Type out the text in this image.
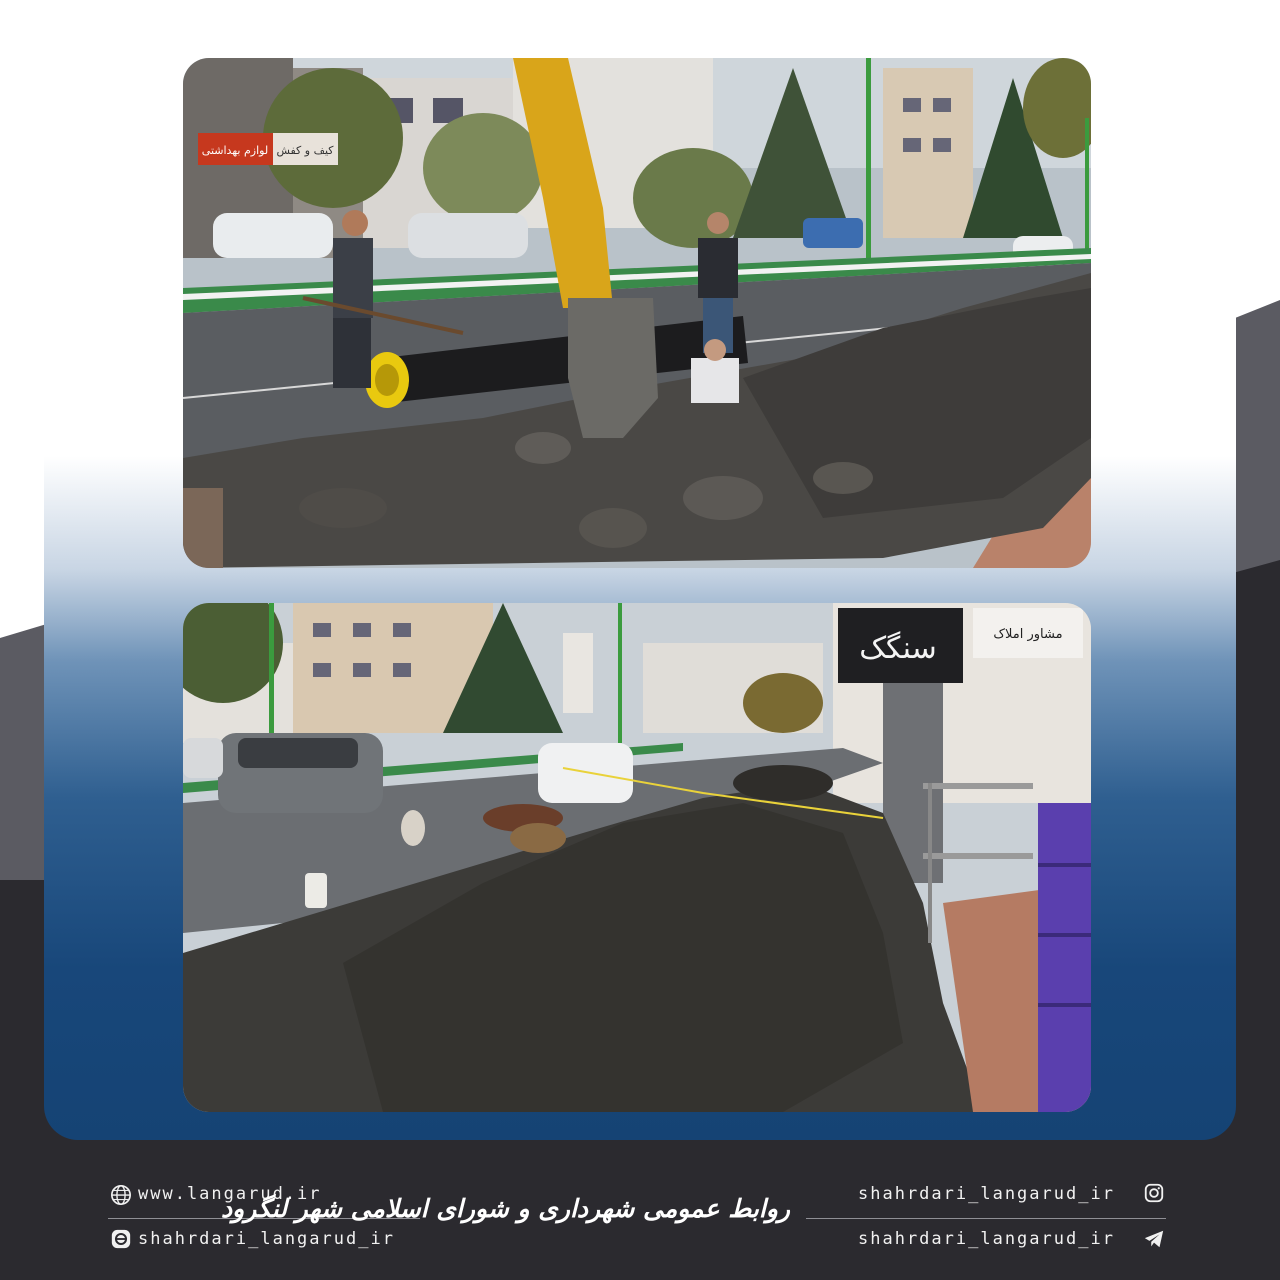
لوازم بهداشتی کیف و کفش
سنگک	مشاور املاک
www.langarud.ir
shahrdari_langarud_ir
روابط عمومی شهرداری و شورای اسلامی شهر لنگرود	shahrdari_langarud_ir
shahrdari_langarud_ir
